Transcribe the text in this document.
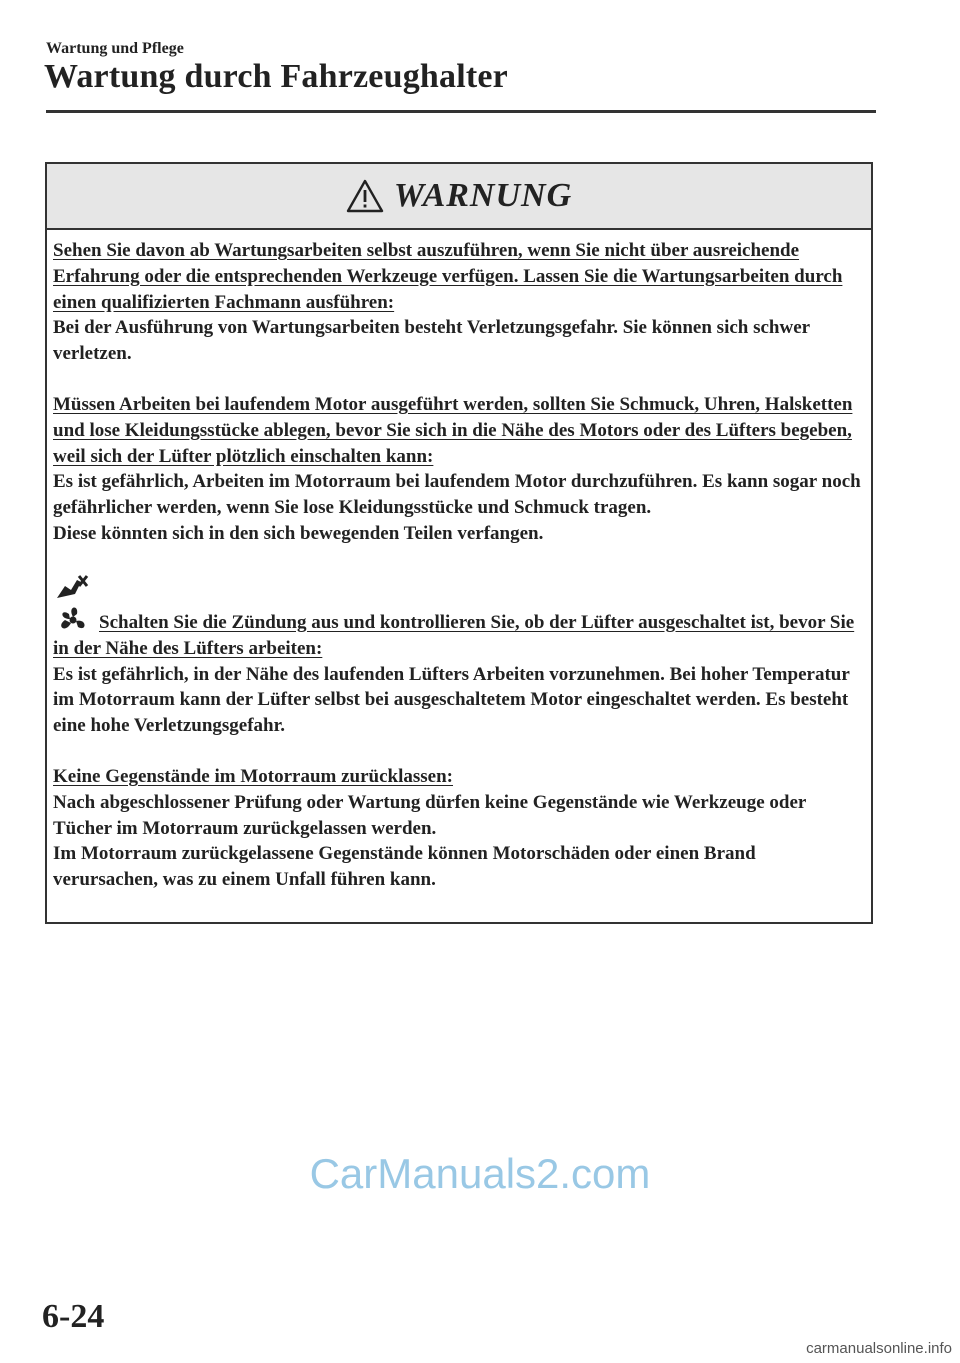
Wartung und Pflege
Wartung durch Fahrzeughalter
WARNUNG
Sehen Sie davon ab Wartungsarbeiten selbst auszuführen, wenn Sie nicht über ausreichende Erfahrung oder die entsprechenden Werkzeuge verfügen. Lassen Sie die Wartungsarbeiten durch einen qualifizierten Fachmann ausführen:
Bei der Ausführung von Wartungsarbeiten besteht Verletzungsgefahr. Sie können sich schwer verletzen.
Müssen Arbeiten bei laufendem Motor ausgeführt werden, sollten Sie Schmuck, Uhren, Halsketten und lose Kleidungsstücke ablegen, bevor Sie sich in die Nähe des Motors oder des Lüfters begeben, weil sich der Lüfter plötzlich einschalten kann:
Es ist gefährlich, Arbeiten im Motorraum bei laufendem Motor durchzuführen. Es kann sogar noch gefährlicher werden, wenn Sie lose Kleidungsstücke und Schmuck tragen.
Diese könnten sich in den sich bewegenden Teilen verfangen.
Schalten Sie die Zündung aus und kontrollieren Sie, ob der Lüfter ausgeschaltet ist, bevor Sie in der Nähe des Lüfters arbeiten:
Es ist gefährlich, in der Nähe des laufenden Lüfters Arbeiten vorzunehmen. Bei hoher Temperatur im Motorraum kann der Lüfter selbst bei ausgeschaltetem Motor eingeschaltet werden. Es besteht eine hohe Verletzungsgefahr.
Keine Gegenstände im Motorraum zurücklassen:
Nach abgeschlossener Prüfung oder Wartung dürfen keine Gegenstände wie Werkzeuge oder Tücher im Motorraum zurückgelassen werden.
Im Motorraum zurückgelassene Gegenstände können Motorschäden oder einen Brand verursachen, was zu einem Unfall führen kann.
CarManuals2.com
6-24
carmanualsonline.info
